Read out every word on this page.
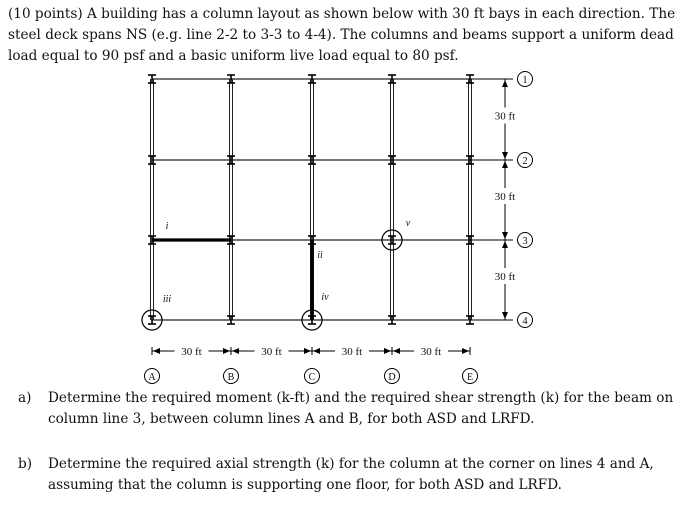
(10 points) A building has a column layout as shown below with 30 ft bays in each direction. The steel deck spans NS (e.g. line 2-2 to 3-3 to 4-4). The columns and beams support a uniform dead load equal to 90 psf and a basic uniform live load equal to 80 psf.
30 ft
30 ft
30 ft
1
2
3
4
30 ft	30 ft	30 ft	30 ft
A	B	C	D	E
i
ii
iii	iv
v
a)	Determine the required moment (k-ft) and the required shear strength (k) for the beam on column line 3, between column lines A and B, for both ASD and LRFD.
b)	Determine the required axial strength (k) for the column at the corner on lines 4 and A, assuming that the column is supporting one floor, for both ASD and LRFD.
